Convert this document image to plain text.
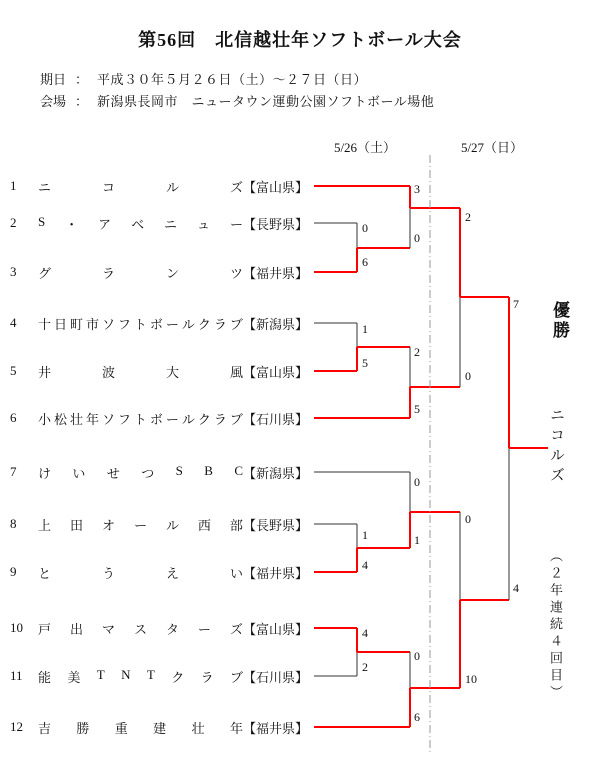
第56回　北信越壮年ソフトボール大会
期日 ： 平成３０年５月２６日（土）～２７日（日）
会場 ： 新潟県長岡市　ニュータウン運動公園ソフトボール場他
5/26（土）	5/27（日）
1	ニ	コ	ル	ズ 【富山県】
2	S ・ ア ベ ニ ュ ー 【長野県】
3	グ	ラ	ン	ツ 【福井県】
4	十 日 町 市 ソ フ ト ボ ー ル ク ラ ブ 【新潟県】
5	井	波	大	風 【富山県】
6	小 松 壮 年 ソ フ ト ボ ー ル ク ラ ブ 【石川県】
7	け い せ つ S B C 【新潟県】
8	上 田 オ ー ル 西 部 【長野県】
9	と	う	え	い 【福井県】
10	戸 出 マ ス タ ー ズ 【富山県】
11	能 美 T N T ク ラ ブ 【石川県】
12	吉 勝 重 建 壮 年 【福井県】
3
0
0
6
1
5
2
5
2
0
0
1
1
4
4
2
0
6
0
10
7
4
優勝
ニコルズ
（２年連続４回目）
